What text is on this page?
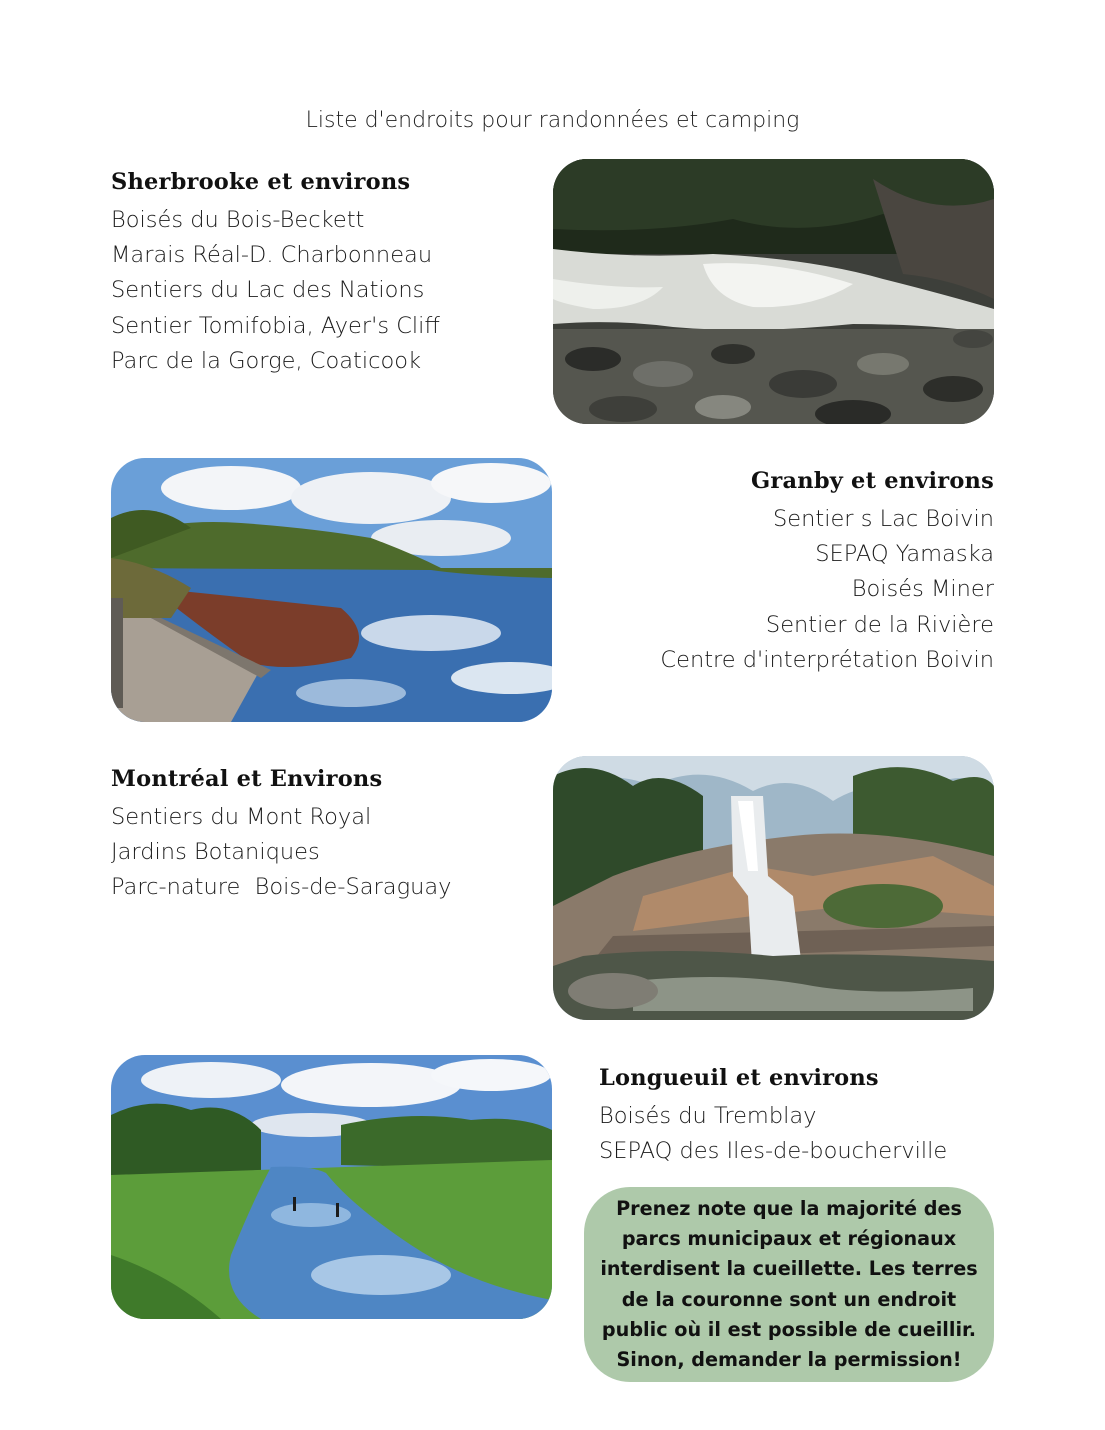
Liste d'endroits pour randonnées et camping
Sherbrooke et environs
Boisés du Bois-Beckett
Marais Réal-D. Charbonneau
Sentiers du Lac des Nations
Sentier Tomifobia, Ayer's Cliff
Parc de la Gorge, Coaticook
Granby et environs
Sentier s Lac Boivin
SEPAQ Yamaska
Boisés Miner
Sentier de la Rivière
Centre d'interprétation Boivin
Montréal et Environs
Sentiers du Mont Royal
Jardins Botaniques
Parc-nature  Bois-de-Saraguay
Longueuil et environs
Boisés du Tremblay
SEPAQ des Iles-de-boucherville

Prenez note que la majorité des
parcs municipaux et régionaux
interdisent la cueillette. Les terres
de la couronne sont un endroit
public où il est possible de cueillir.
Sinon, demander la permission!
